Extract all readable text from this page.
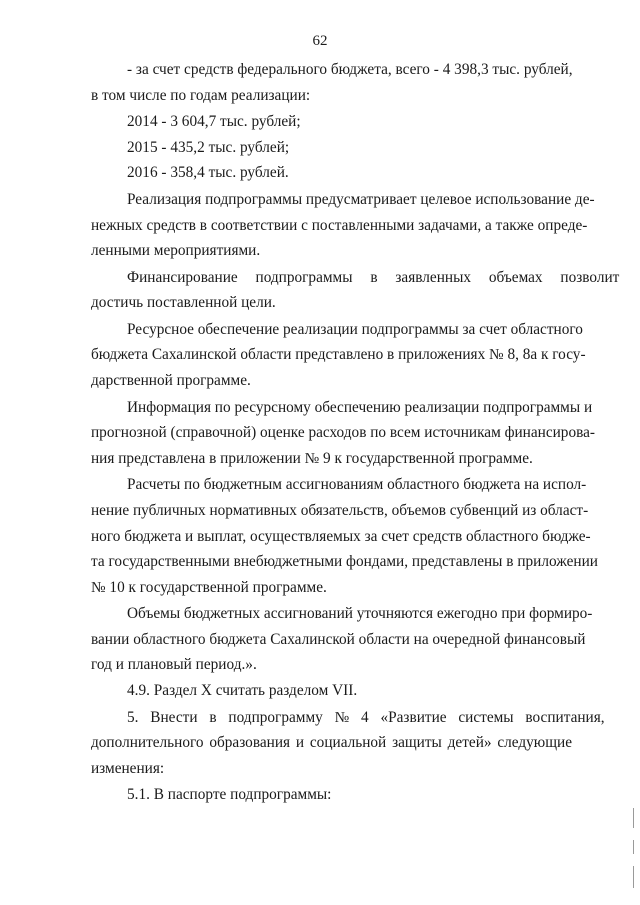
62
- за счет средств федерального бюджета, всего - 4 398,3 тыс. рублей,
в том числе по годам реализации:
2014 - 3 604,7 тыс. рублей;
2015 - 435,2 тыс. рублей;
2016 - 358,4 тыс. рублей.
Реализация подпрограммы предусматривает целевое использование де-
нежных средств в соответствии с поставленными задачами, а также опреде-
ленными мероприятиями.
Финансирование подпрограммы в заявленных объемах позволит
достичь поставленной цели.
Ресурсное обеспечение реализации подпрограммы за счет областного
бюджета Сахалинской области представлено в приложениях № 8, 8а к госу-
дарственной программе.
Информация по ресурсному обеспечению реализации подпрограммы и
прогнозной (справочной) оценке расходов по всем источникам финансирова-
ния представлена в приложении № 9 к государственной программе.
Расчеты по бюджетным ассигнованиям областного бюджета на испол-
нение публичных нормативных обязательств, объемов субвенций из област-
ного бюджета и выплат, осуществляемых за счет средств областного бюдже-
та государственными внебюджетными фондами, представлены в приложении
№ 10 к государственной программе.
Объемы бюджетных ассигнований уточняются ежегодно при формиро-
вании областного бюджета Сахалинской области на очередной финансовый
год и плановый период.».
4.9. Раздел X считать разделом VII.
5. Внести в подпрограмму № 4 «Развитие системы воспитания,
дополнительного образования и социальной защиты детей» следующие
изменения:
5.1. В паспорте подпрограммы:
